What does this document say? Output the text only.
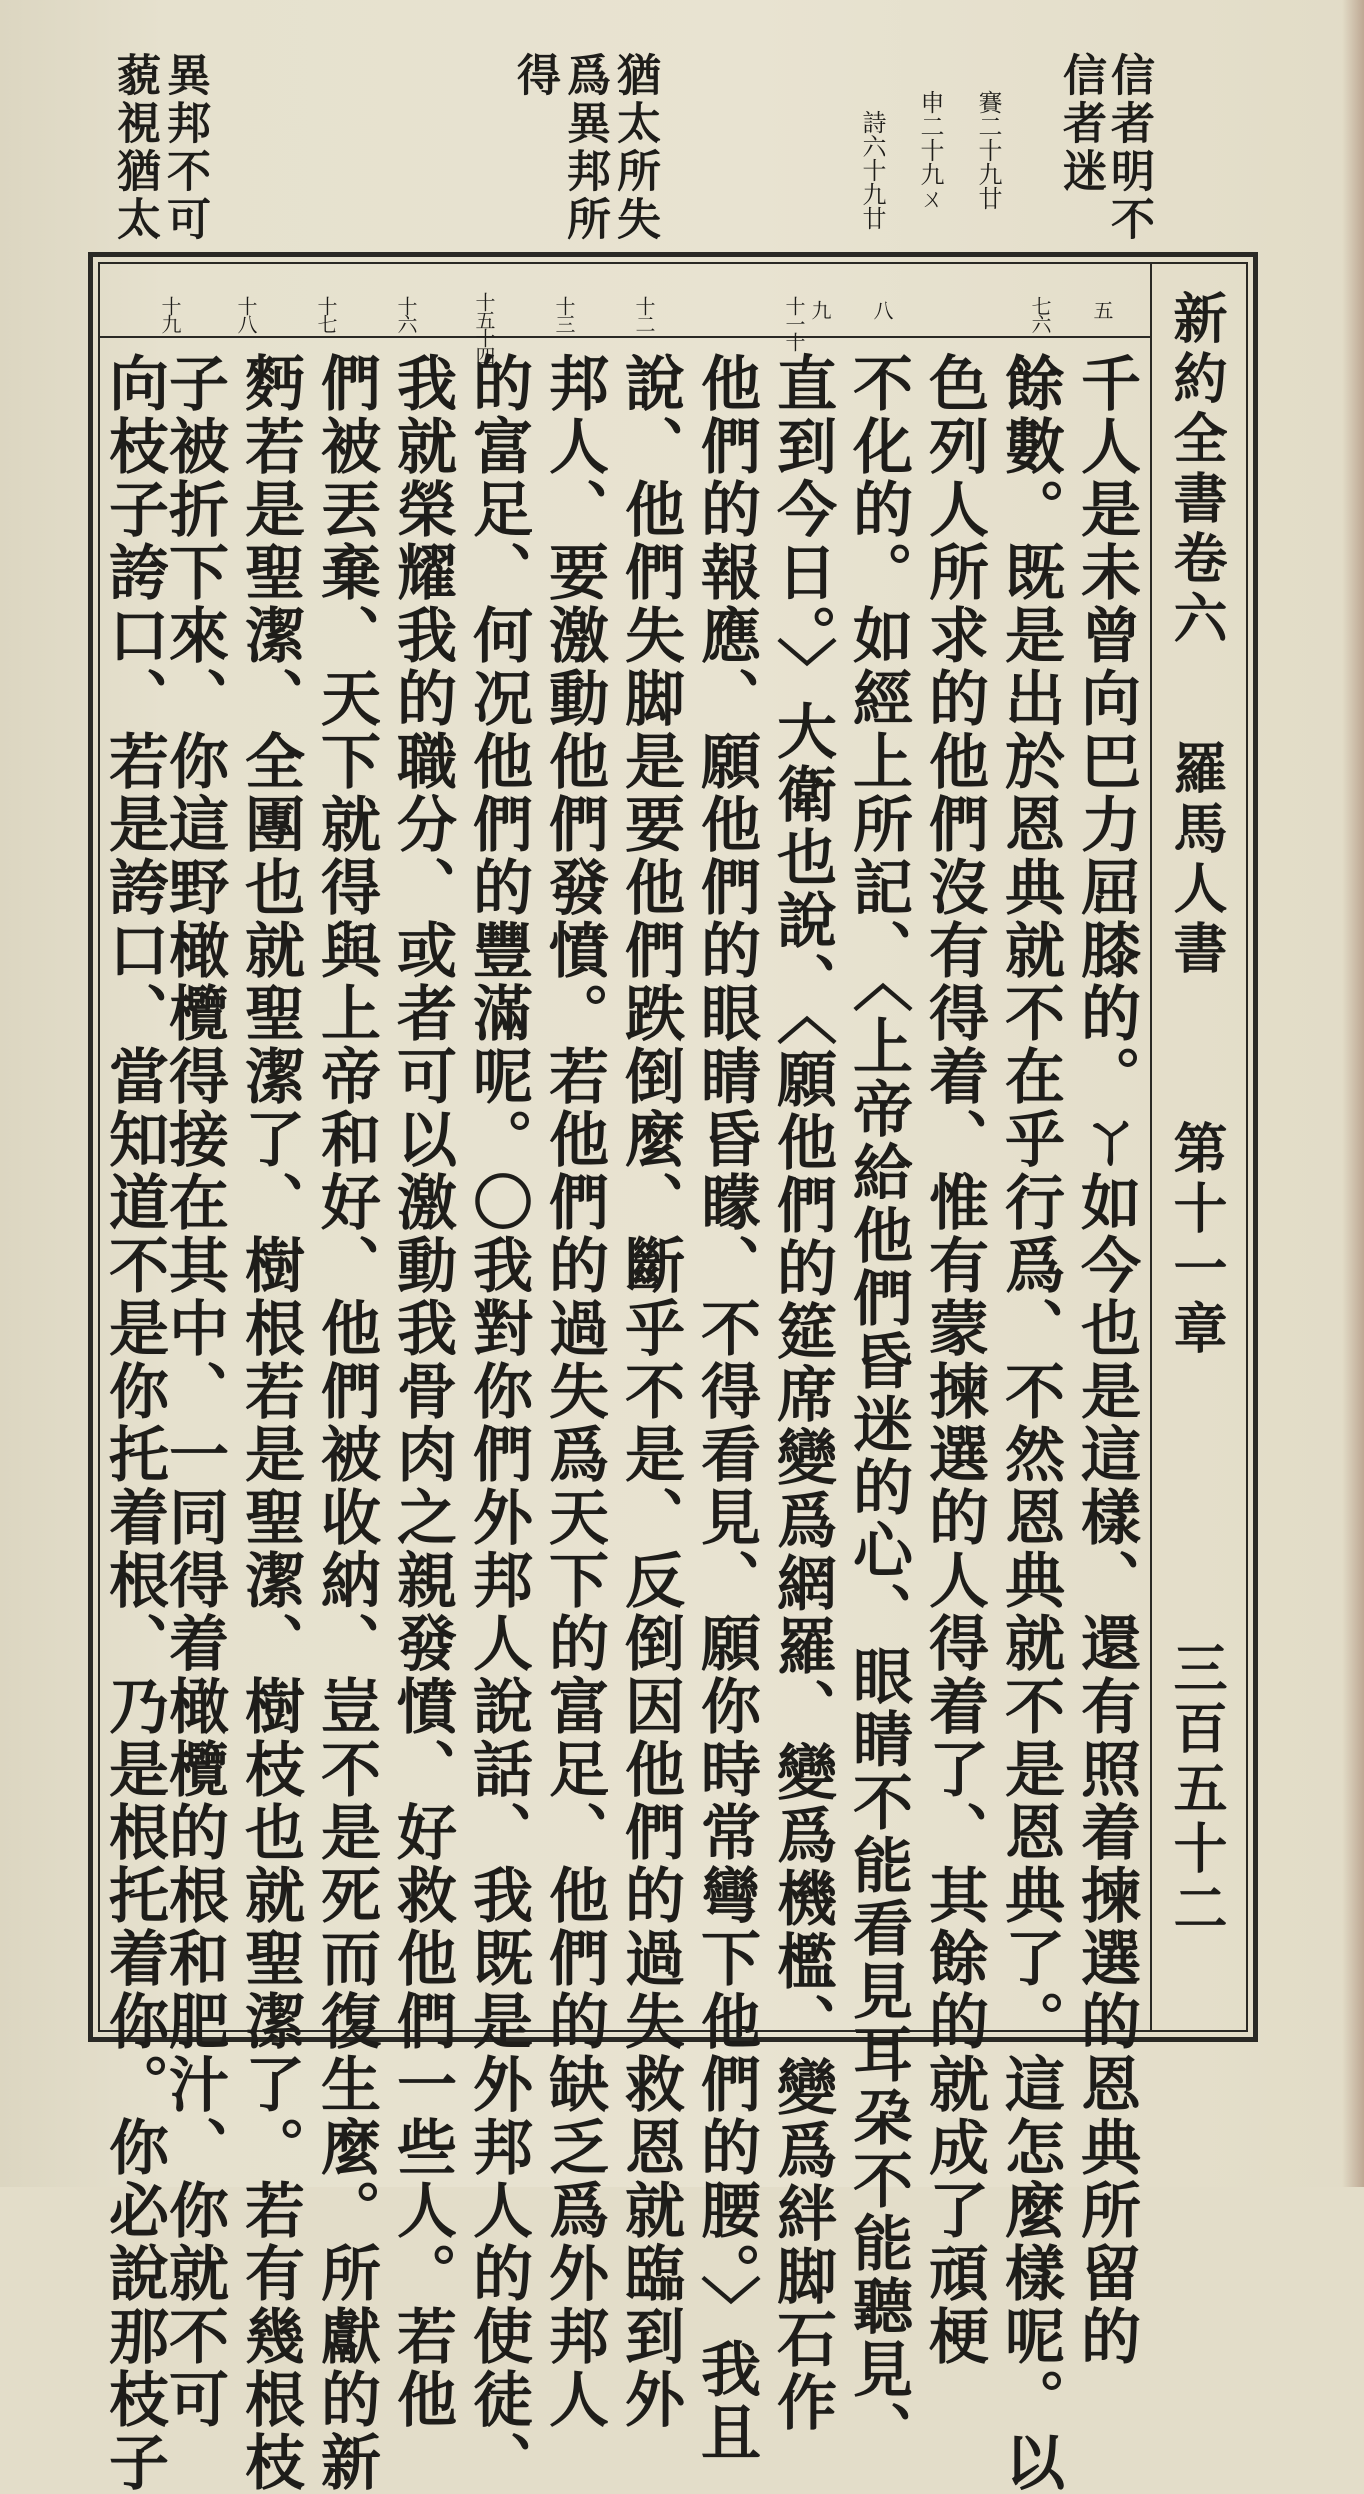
信者明不
信者迷
賽二十九廿
申二十九ㄨ
詩六十九廿
猶太所失
爲異邦所
得
異邦不可
藐視猶太
新約全書卷六
羅馬人書
第十一章
三百五十二
五
七六
八
九
十一十
十二
十三
十五十四
十六
十七
十八
十九
千人是未曾向巴力屈膝的。ㄚ如今也是這樣、還有照着揀選的恩典所留的
餘數。既是出於恩典就不在乎行爲、不然恩典就不是恩典了。這怎麼樣呢。以
色列人所求的他們沒有得着、惟有蒙揀選的人得着了、其餘的就成了頑梗
不化的。如經上所記、〈上帝給他們昏迷的心、眼睛不能看見耳朶不能聽見、
直到今日。〉大衛也說、〈願他們的筵席變爲網羅、變爲機檻、變爲絆脚石作
他們的報應、願他們的眼睛昏矇、不得看見、願你時常彎下他們的腰。〉我且
說、他們失脚是要他們跌倒麼、斷乎不是、反倒因他們的過失救恩就臨到外
邦人、要激動他們發憤。若他們的過失爲天下的富足、他們的缺乏爲外邦人
的富足、何况他們的豐滿呢。〇我對你們外邦人說話、我既是外邦人的使徒、
我就榮耀我的職分、或者可以激動我骨肉之親發憤、好救他們一些人。若他
們被丟棄、天下就得與上帝和好、他們被收納、豈不是死而復生麼。所獻的新
麪若是聖潔、全團也就聖潔了、樹根若是聖潔、樹枝也就聖潔了。若有幾根枝
子被折下來、你這野橄欖得接在其中、一同得着橄欖的根和肥汁、你就不可
向枝子誇口、若是誇口、當知道不是你托着根、乃是根托着你。你必說那枝子
